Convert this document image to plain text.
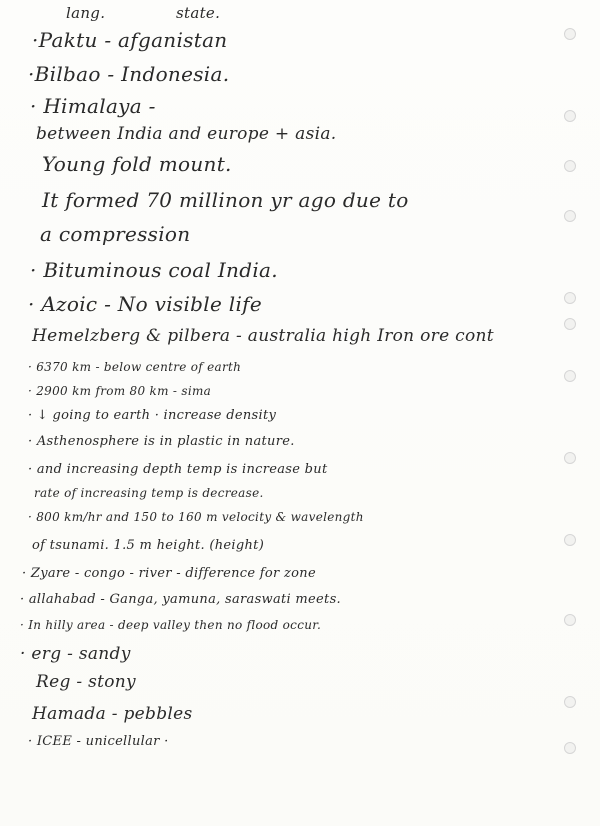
lang.	state.
·Paktu - afganistan
·Bilbao - Indonesia.
· Himalaya -
between India and europe + asia.
Young fold mount.
It formed 70 millinon yr ago due to
a compression
· Bituminous coal India.
· Azoic - No visible life
Hemelzberg & pilbera - australia high Iron ore cont
· 6370 km - below centre of earth
· 2900 km from 80 km - sima
· ↓ going to earth · increase density
· Asthenosphere is in plastic in nature.
· and increasing depth temp is increase but
rate of increasing temp is decrease.
· 800 km/hr and 150 to 160 m velocity & wavelength
of tsunami. 1.5 m height. (height)
· Zyare - congo - river - difference for zone
· allahabad - Ganga, yamuna, saraswati meets.
· In hilly area - deep valley then no flood occur.
· erg - sandy
Reg - stony
Hamada - pebbles
· ICEE - unicellular ·
